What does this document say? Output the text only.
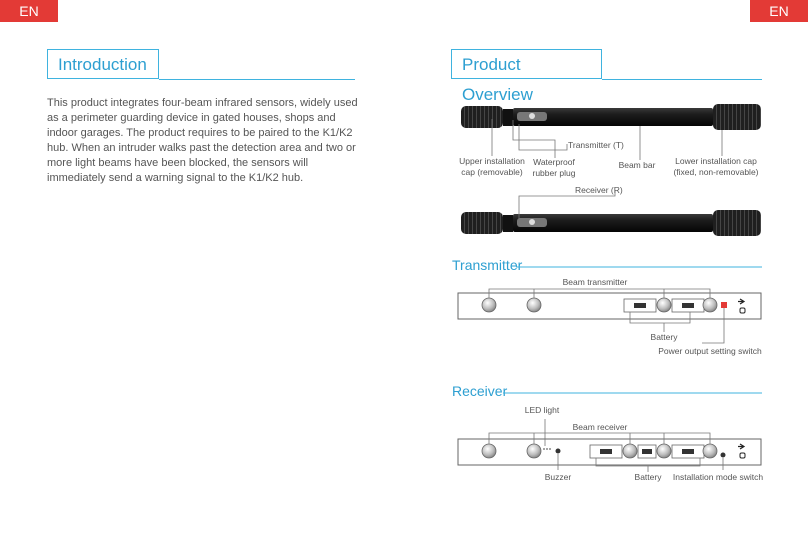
EN	EN
Introduction
This product integrates four-beam infrared sensors, widely used as a perimeter guarding device in gated houses, shops and indoor garages. The product requires to be paired to the K1/K2 hub. When an intruder walks past the detection area and two or more light beams have been blocked, the sensors will immediately send a warning signal to the K1/K2 hub.
Product Overview
Upper installation
cap (removable)
Waterproof
rubber plug
Transmitter (T)
Beam bar Lower installation cap
(fixed, non-removable)
Receiver (R)
Transmitter
Beam transmitter
Battery
Power output setting switch
Receiver
LED light
Beam receiver
Buzzer	Battery Installation mode switch
